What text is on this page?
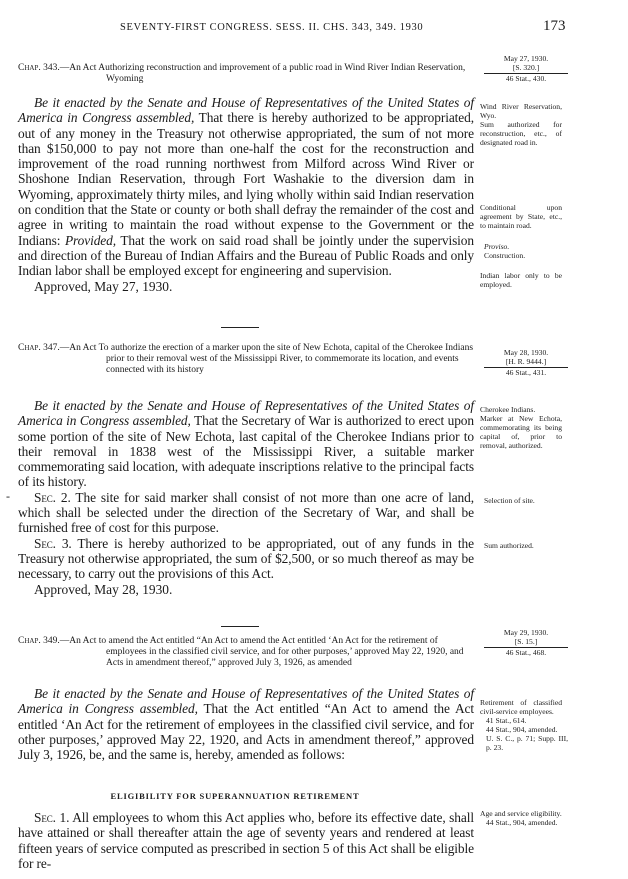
SEVENTY-FIRST CONGRESS. SESS. II. CHS. 343, 349. 1930	173

Chap. 343.—An Act Authorizing reconstruction and improvement of a public road in Wind River Indian Reservation, Wyoming

Be it enacted by the Senate and House of Representatives of the United States of America in Congress assembled, That there is hereby authorized to be appropriated, out of any money in the Treasury not otherwise appropriated, the sum of not more than $150,000 to pay not more than one-half the cost for the reconstruction and improvement of the road running northwest from Milford across Wind River or Shoshone Indian Reservation, through Fort Washakie to the diversion dam in Wyoming, approximately thirty miles, and lying wholly within said Indian reservation on condition that the State or county or both shall defray the remainder of the cost and agree in writing to maintain the road without expense to the Government or the Indians: Provided, That the work on said road shall be jointly under the supervision and direction of the Bureau of Indian Affairs and the Bureau of Public Roads and only Indian labor shall be employed except for engineering and supervision.

Approved, May 27, 1930.

May 27, 1930.
[S. 320.]
46 Stat., 430.

Wind River Reservation, Wyo.

Sum authorized for reconstruction, etc., of designated road in.

Conditional upon agreement by State, etc., to maintain road.

Proviso.

Construction.

Indian labor only to be employed.

Chap. 347.—An Act To authorize the erection of a marker upon the site of New Echota, capital of the Cherokee Indians prior to their removal west of the Mississippi River, to commemorate its location, and events connected with its history

Be it enacted by the Senate and House of Representatives of the United States of America in Congress assembled, That the Secretary of War is authorized to erect upon some portion of the site of New Echota, last capital of the Cherokee Indians prior to their removal in 1838 west of the Mississippi River, a suitable marker commemorating said location, with adequate inscriptions relative to the principal facts of its history.

Sec. 2. The site for said marker shall consist of not more than one acre of land, which shall be selected under the direction of the Secretary of War, and shall be furnished free of cost for this purpose.

Sec. 3. There is hereby authorized to be appropriated, out of any funds in the Treasury not otherwise appropriated, the sum of $2,500, or so much thereof as may be necessary, to carry out the provisions of this Act.

Approved, May 28, 1930.

-
May 28, 1930.
[H. R. 9444.]
46 Stat., 431.

Cherokee Indians.

Marker at New Echota, commemorating its being capital of, prior to removal, authorized.

Selection of site.

Sum authorized.

Chap. 349.—An Act to amend the Act entitled “An Act to amend the Act entitled ‘An Act for the retirement of employees in the classified civil service, and for other purposes,’ approved May 22, 1920, and Acts in amendment thereof,” approved July 3, 1926, as amended

Be it enacted by the Senate and House of Representatives of the United States of America in Congress assembled, That the Act entitled “An Act to amend the Act entitled ‘An Act for the retirement of employees in the classified civil service, and for other purposes,’ approved May 22, 1920, and Acts in amendment thereof,” approved July 3, 1926, be, and the same is, hereby, amended as follows:

ELIGIBILITY FOR SUPERANNUATION RETIREMENT

Sec. 1. All employees to whom this Act applies who, before its effective date, shall have attained or shall thereafter attain the age of seventy years and rendered at least fifteen years of service computed as prescribed in section 5 of this Act shall be eligible for re-

May 29, 1930.
[S. 15.]
46 Stat., 468.

Retirement of classified civil-service employees.

41 Stat., 614.

44 Stat., 904, amended.

U. S. C., p. 71; Supp. III, p. 23.

Age and service eligibility.

44 Stat., 904, amended.
